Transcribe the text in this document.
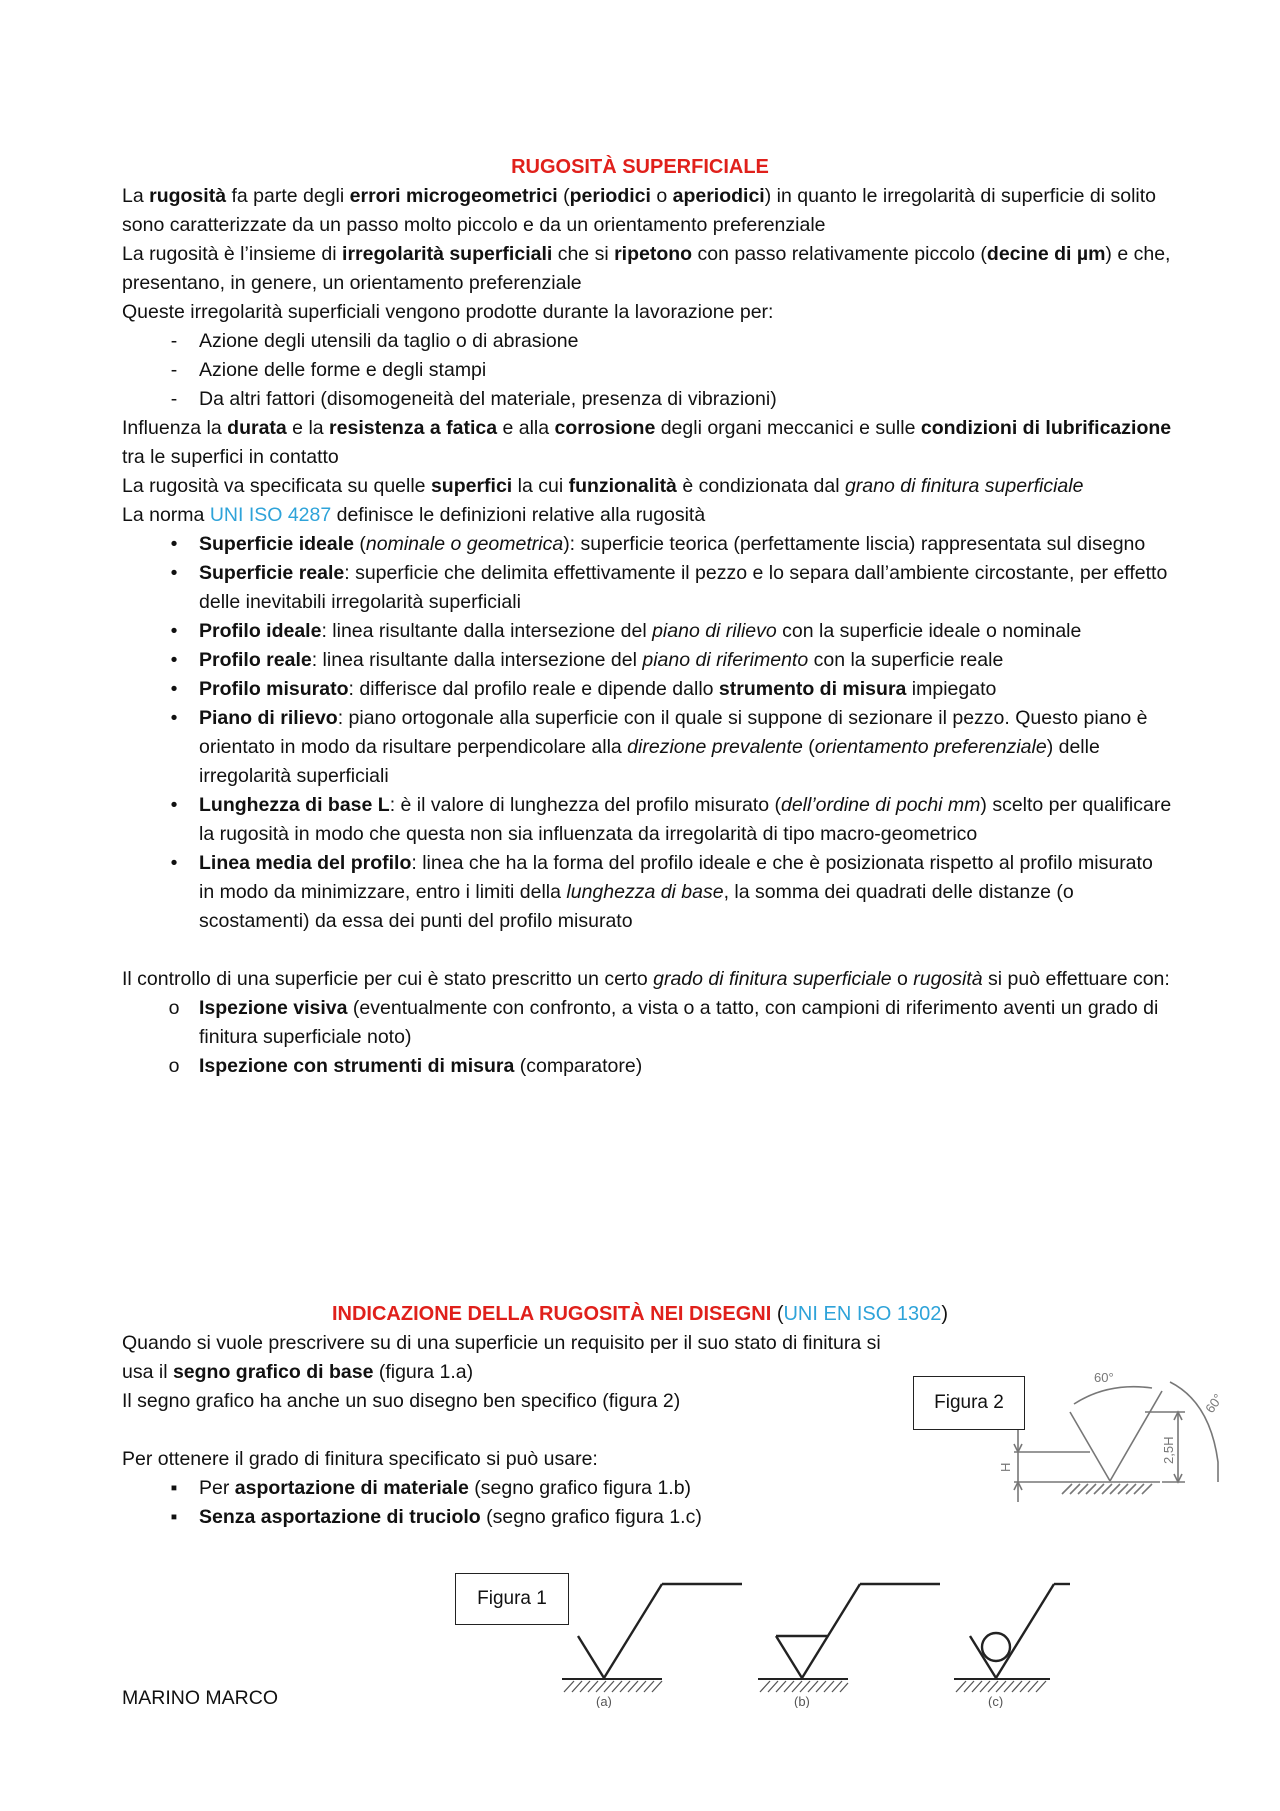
RUGOSITÀ SUPERFICIALE

La rugosità fa parte degli errori microgeometrici (periodici o aperiodici) in quanto le irregolarità di superficie di solito sono caratterizzate da un passo molto piccolo e da un orientamento preferenziale

La rugosità è l’insieme di irregolarità superficiali che si ripetono con passo relativamente piccolo (decine di µm) e che, presentano, in genere, un orientamento preferenziale

Queste irregolarità superficiali vengono prodotte durante la lavorazione per:

-	Azione degli utensili da taglio o di abrasione
-	Azione delle forme e degli stampi
-	Da altri fattori (disomogeneità del materiale, presenza di vibrazioni)

Influenza la durata e la resistenza a fatica e alla corrosione degli organi meccanici e sulle condizioni di lubrificazione tra le superfici in contatto

La rugosità va specificata su quelle superfici la cui funzionalità è condizionata dal grano di finitura superficiale

La norma UNI ISO 4287 definisce le definizioni relative alla rugosità

•	Superficie ideale (nominale o geometrica): superficie teorica (perfettamente liscia) rappresentata sul disegno
•	Superficie reale: superficie che delimita effettivamente il pezzo e lo separa dall’ambiente circostante, per effetto delle inevitabili irregolarità superficiali
•	Profilo ideale: linea risultante dalla intersezione del piano di rilievo con la superficie ideale o nominale
•	Profilo reale: linea risultante dalla intersezione del piano di riferimento con la superficie reale
•	Profilo misurato: differisce dal profilo reale e dipende dallo strumento di misura impiegato
•	Piano di rilievo: piano ortogonale alla superficie con il quale si suppone di sezionare il pezzo. Questo piano è orientato in modo da risultare perpendicolare alla direzione prevalente (orientamento preferenziale) delle irregolarità superficiali
•	Lunghezza di base L: è il valore di lunghezza del profilo misurato (dell’ordine di pochi mm) scelto per qualificare la rugosità in modo che questa non sia influenzata da irregolarità di tipo macro-geometrico
•	Linea media del profilo: linea che ha la forma del profilo ideale e che è posizionata rispetto al profilo misurato in modo da minimizzare, entro i limiti della lunghezza di base, la somma dei quadrati delle distanze (o scostamenti) da essa dei punti del profilo misurato

Il controllo di una superficie per cui è stato prescritto un certo grado di finitura superficiale o rugosità si può effettuare con:

o Ispezione visiva (eventualmente con confronto, a vista o a tatto, con campioni di riferimento aventi un grado di finitura superficiale noto)
o Ispezione con strumenti di misura (comparatore)
INDICAZIONE DELLA RUGOSITÀ NEI DISEGNI (UNI EN ISO 1302)

Quando si vuole prescrivere su di una superficie un requisito per il suo stato di finitura si usa il segno grafico di base (figura 1.a)

Il segno grafico ha anche un suo disegno ben specifico (figura 2)

Per ottenere il grado di finitura specificato si può usare:

▪	Per asportazione di materiale (segno grafico figura 1.b)
▪	Senza asportazione di truciolo (segno grafico figura 1.c)
Figura 2
60°
60°
H
2,5H
Figura 1
(a)	(b)	(c)
MARINO MARCO
